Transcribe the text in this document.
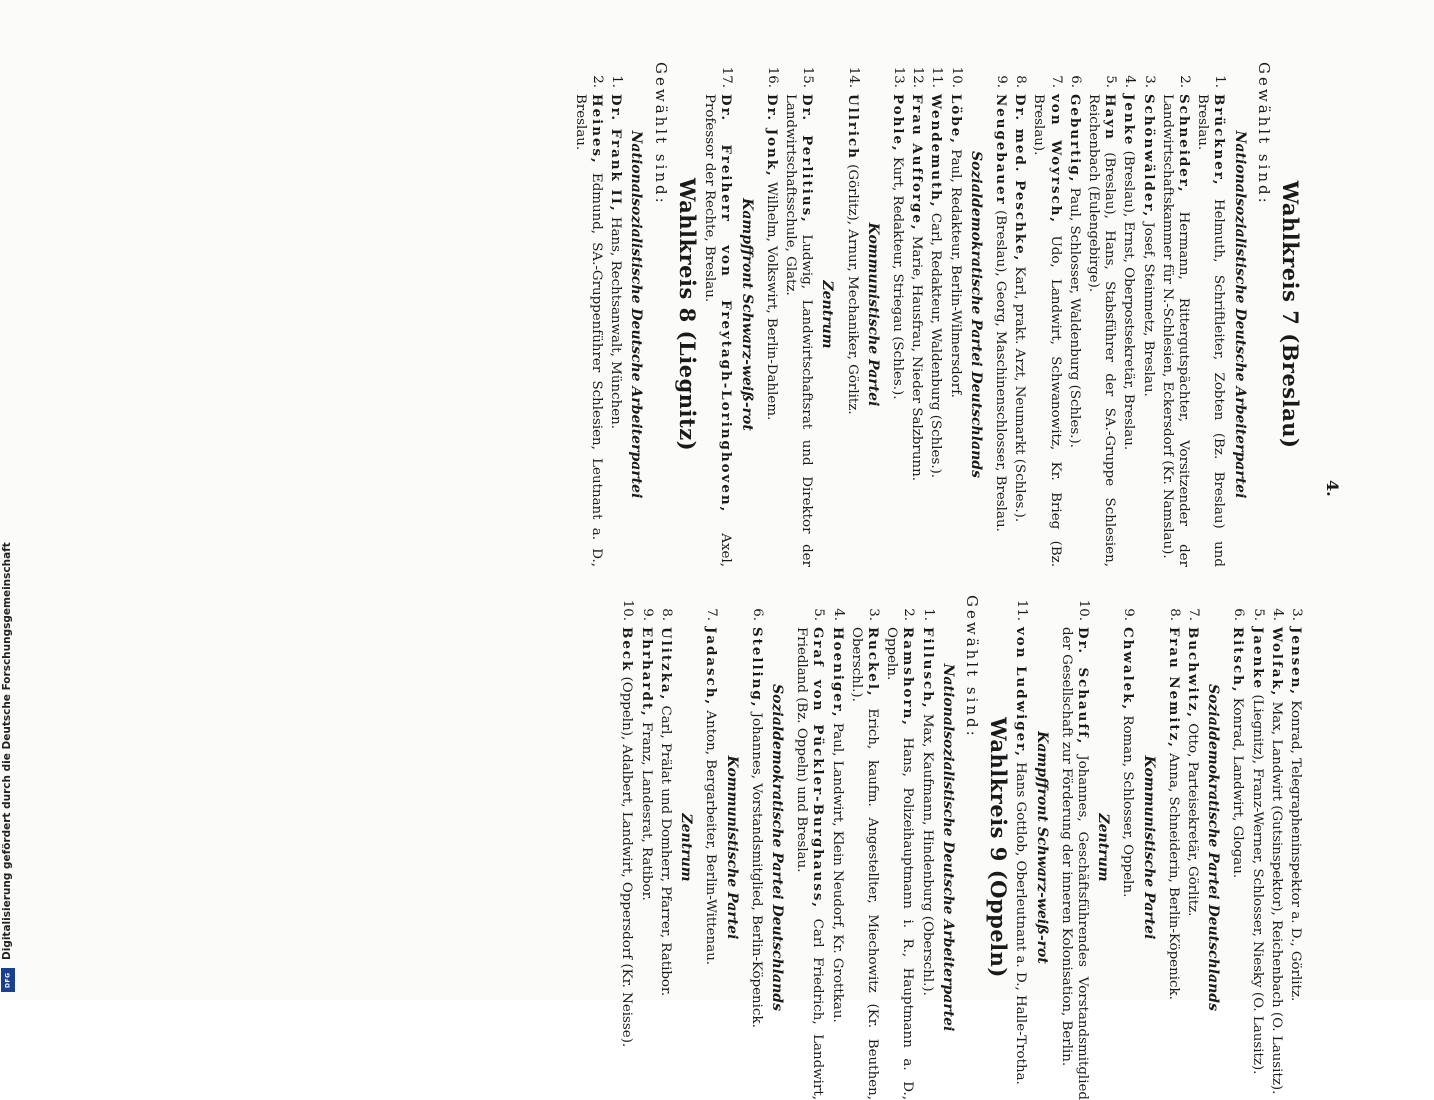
4.
Wahlkreis 7 (Breslau)
Gewählt sind:
Nationalsozialistische Deutsche Arbeiterpartei
1.
Brückner, Helmuth, Schriftleiter, Zobten (Bz. Breslau) und Breslau.
2.
Schneider, Hermann, Rittergutspächter, Vorsitzender der Landwirtschaftskammer für N.-Schlesien, Eckersdorf (Kr. Namslau).
3.
Schönwälder, Josef, Steinmetz, Breslau.
4.
Jenke (Breslau), Ernst, Oberpostsekretär, Breslau.
5.
Hayn (Breslau), Hans, Stabsführer der SA.-Gruppe Schlesien, Reichenbach (Eulengebirge).
6.
Geburtig, Paul, Schlosser, Waldenburg (Schles.).
7.
von Woyrsch, Udo, Landwirt, Schwanowitz, Kr. Brieg (Bz. Breslau).
8.
Dr. med. Peschke, Karl, prakt. Arzt, Neumarkt (Schles.).
9.
Neugebauer (Breslau), Georg, Maschinenschlosser, Breslau.
Sozialdemokratische Partei Deutschlands
10.
Löbe, Paul, Redakteur, Berlin-Wilmersdorf.
11.
Wendemuth, Carl, Redakteur, Waldenburg (Schles.).
12.
Frau Aufforge, Marie, Hausfrau, Nieder Salzbrunn.
13.
Pohle, Kurt, Redakteur, Striegau (Schles.).
Kommunistische Partei
14.
Ullrich (Görlitz), Arnur, Mechaniker, Görlitz.
Zentrum
15.
Dr. Perlitius, Ludwig, Landwirtschaftsrat und Direktor der Landwirtschaftsschule, Glatz.
16.
Dr. Jonk, Wilhelm, Volkswirt, Berlin-Dahlem.
Kampffront Schwarz-weiß-rot
17.
Dr. Freiherr von Freytagh-Loringhoven, Axel, Professor der Rechte, Breslau.
Wahlkreis 8 (Liegnitz)
Gewählt sind:
Nationalsozialistische Deutsche Arbeiterpartei
1.
Dr. Frank II, Hans, Rechtsanwalt, München.
2.
Heines, Edmund, SA.-Gruppenführer Schlesien, Leutnant a. D., Breslau.
3.
Jensen, Konrad, Telegrapheninspektor a. D., Görlitz.
4.
Wolfak, Max, Landwirt (Gutsinspektor), Reichenbach (O. Lausitz).
5.
Jaenke (Liegnitz), Franz-Werner, Schlosser, Niesky (O. Lausitz).
6.
Ritsch, Konrad, Landwirt, Glogau.
Sozialdemokratische Partei Deutschlands
7.
Buchwitz, Otto, Parteisekretär, Görlitz.
8.
Frau Nemitz, Anna, Schneiderin, Berlin-Köpenick.
Kommunistische Partei
9.
Chwalek, Roman, Schlosser, Oppeln.
Zentrum
10.
Dr. Schauff, Johannes, Geschäftsführendes Vorstandsmitglied der Gesellschaft zur Förderung der inneren Kolonisation, Berlin.
Kampffront Schwarz-weiß-rot
11.
von Ludwiger, Hans Gottlob, Oberleutnant a. D., Halle-Trotha.
Wahlkreis 9 (Oppeln)
Gewählt sind:
Nationalsozialistische Deutsche Arbeiterpartei
1.
Fillusch, Max, Kaufmann, Hindenburg (Oberschl.).
2.
Ramshorn, Hans, Polizeihauptmann i. R., Hauptmann a. D., Oppeln.
3.
Ruckel, Erich, kaufm. Angestellter, Miechowitz (Kr. Beuthen, Oberschl.).
4.
Hoeniger, Paul, Landwirt, Klein Neudorf, Kr. Grottkau.
5.
Graf von Pückler-Burghauss, Carl Friedrich, Landwirt, Friedland (Bz. Oppeln) und Breslau.
Sozialdemokratische Partei Deutschlands
6.
Stelling, Johannes, Vorstandsmitglied, Berlin-Köpenick.
Kommunistische Partei
7.
Jadasch, Anton, Bergarbeiter, Berlin-Wittenau.
Zentrum
8.
Ulitzka, Carl, Prälat und Domherr, Pfarrer, Ratibor.
9.
Ehrhardt, Franz, Landesrat, Ratibor.
10.
Beck (Oppeln), Adalbert, Landwirt, Oppersdorf (Kr. Neisse).
Digitalisierung gefördert durch die Deutsche Forschungsgemeinschaft
DFG
